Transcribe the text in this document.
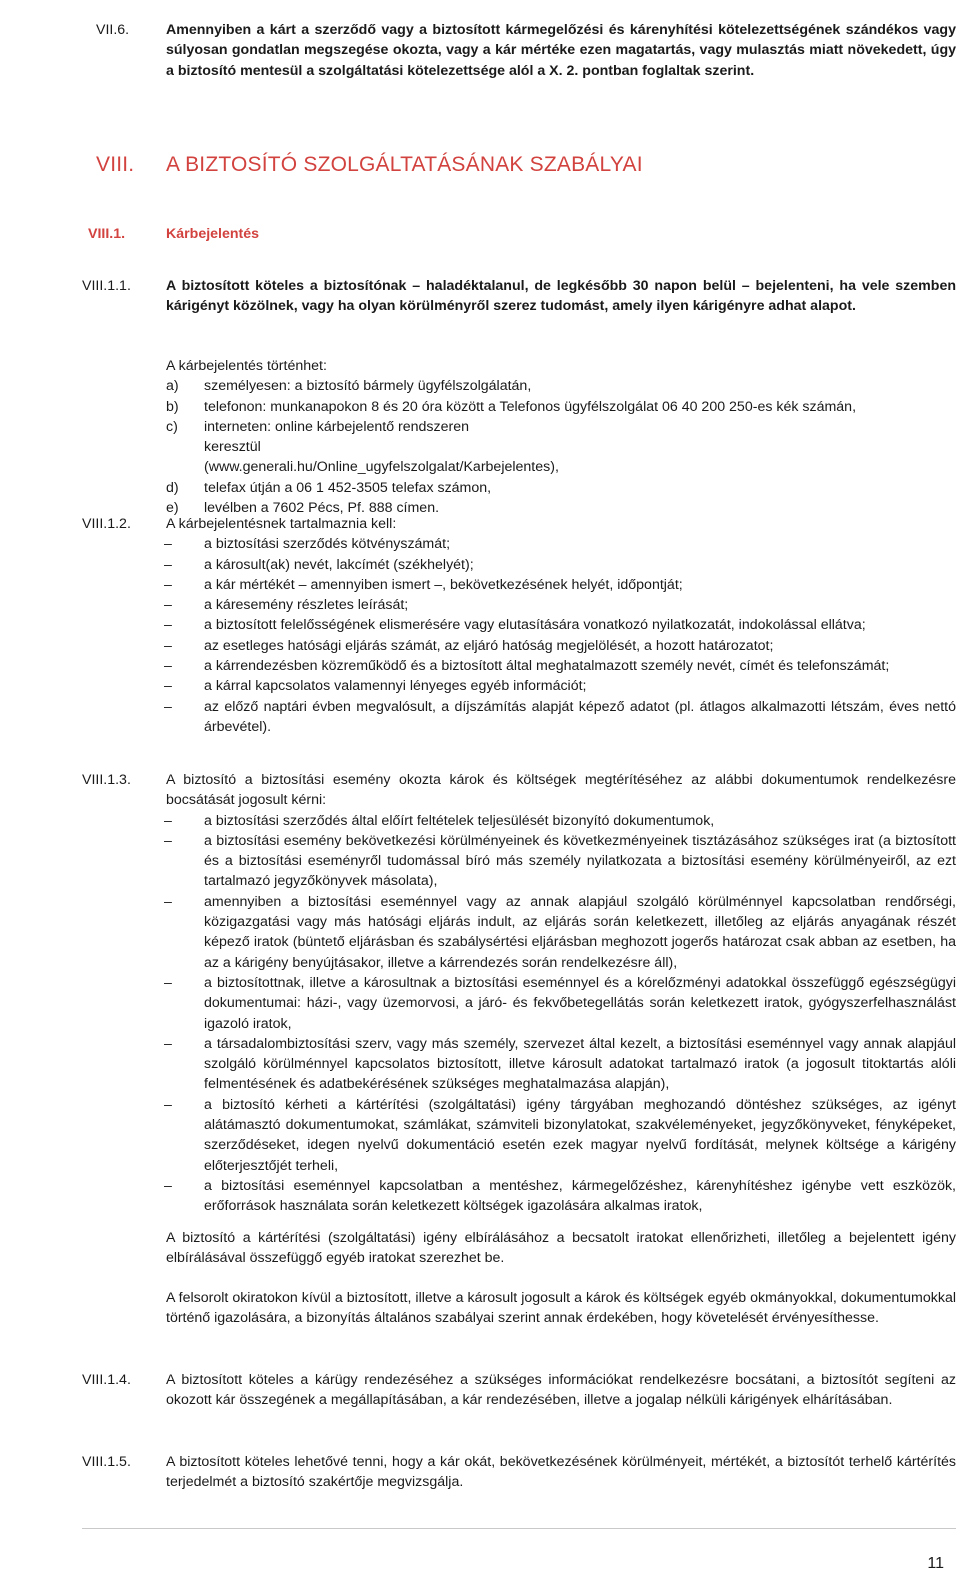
VII.6.	Amennyiben a kárt a szerződő vagy a biztosított kármegelőzési és kárenyhítési kötelezettségének szándékos vagy súlyosan gondatlan megszegése okozta, vagy a kár mértéke ezen magatartás, vagy mulasztás miatt növekedett, úgy a biztosító mentesül a szolgáltatási kötelezettsége alól a X. 2. pontban foglaltak szerint.
VIII.	A BIZTOSÍTÓ SZOLGÁLTATÁSÁNAK SZABÁLYAI
VIII.1.	Kárbejelentés
VIII.1.1.	A biztosított köteles a biztosítónak – haladéktalanul, de legkésőbb 30 napon belül – bejelenteni, ha vele szemben kárigényt közölnek, vagy ha olyan körülményről szerez tudomást, amely ilyen kárigényre adhat alapot.
A kárbejelentés történhet:
a)	személyesen: a biztosító bármely ügyfélszolgálatán,
b)	telefonon: munkanapokon 8 és 20 óra között a Telefonos ügyfélszolgálat 06 40 200 250-es kék számán,
c)	interneten: online kárbejelentő rendszeren keresztül (www.generali.hu/Online_ugyfelszolgalat/Karbejelentes),
d)	telefax útján a 06 1 452-3505 telefax számon,
e)	levélben a 7602 Pécs, Pf. 888 címen.
VIII.1.2.	A kárbejelentésnek tartalmaznia kell:
–	a biztosítási szerződés kötvényszámát;
–	a károsult(ak) nevét, lakcímét (székhelyét);
–	a kár mértékét – amennyiben ismert –, bekövetkezésének helyét, időpontját;
–	a káresemény részletes leírását;
–	a biztosított felelősségének elismerésére vagy elutasítására vonatkozó nyilatkozatát, indokolással ellátva;
–	az esetleges hatósági eljárás számát, az eljáró hatóság megjelölését, a hozott határozatot;
–	a kárrendezésben közreműködő és a biztosított által meghatalmazott személy nevét, címét és telefonszámát;
–	a kárral kapcsolatos valamennyi lényeges egyéb információt;
–	az előző naptári évben megvalósult, a díjszámítás alapját képező adatot (pl. átlagos alkalmazotti létszám, éves nettó árbevétel).
VIII.1.3.	A biztosító a biztosítási esemény okozta károk és költségek megtérítéséhez az alábbi dokumentumok rendelkezésre bocsátását jogosult kérni:
–	a biztosítási szerződés által előírt feltételek teljesülését bizonyító dokumentumok,
–	a biztosítási esemény bekövetkezési körülményeinek és következményeinek tisztázásához szükséges irat (a biztosított és a biztosítási eseményről tudomással bíró más személy nyilatkozata a biztosítási esemény körülményeiről, az ezt tartalmazó jegyzőkönyvek másolata),
–	amennyiben a biztosítási eseménnyel vagy az annak alapjául szolgáló körülménnyel kapcsolatban rendőrségi, közigazgatási vagy más hatósági eljárás indult, az eljárás során keletkezett, illetőleg az eljárás anyagának részét képező iratok (büntető eljárásban és szabálysértési eljárásban meghozott jogerős határozat csak abban az esetben, ha az a kárigény benyújtásakor, illetve a kárrendezés során rendelkezésre áll),
–	a biztosítottnak, illetve a károsultnak a biztosítási eseménnyel és a kórelőzményi adatokkal összefüggő egészségügyi dokumentumai: házi-, vagy üzemorvosi, a járó- és fekvőbetegellátás során keletkezett iratok, gyógyszerfelhasználást igazoló iratok,
–	a társadalombiztosítási szerv, vagy más személy, szervezet által kezelt, a biztosítási eseménnyel vagy annak alapjául szolgáló körülménnyel kapcsolatos biztosított, illetve károsult adatokat tartalmazó iratok (a jogosult titoktartás alóli felmentésének és adatbekérésének szükséges meghatalmazása alapján),
–	a biztosító kérheti a kártérítési (szolgáltatási) igény tárgyában meghozandó döntéshez szükséges, az igényt alátámasztó dokumentumokat, számlákat, számviteli bizonylatokat, szakvéleményeket, jegyzőkönyveket, fényképeket, szerződéseket, idegen nyelvű dokumentáció esetén ezek magyar nyelvű fordítását, melynek költsége a kárigény előterjesztőjét terheli,
–	a biztosítási eseménnyel kapcsolatban a mentéshez, kármegelőzéshez, kárenyhítéshez igénybe vett eszközök, erőforrások használata során keletkezett költségek igazolására alkalmas iratok,
A biztosító a kártérítési (szolgáltatási) igény elbírálásához a becsatolt iratokat ellenőrizheti, illetőleg a bejelentett igény elbírálásával összefüggő egyéb iratokat szerezhet be.
A felsorolt okiratokon kívül a biztosított, illetve a károsult jogosult a károk és költségek egyéb okmányokkal, dokumentumokkal történő igazolására, a bizonyítás általános szabályai szerint annak érdekében, hogy követelését érvényesíthesse.
VIII.1.4.	A biztosított köteles a kárügy rendezéséhez a szükséges információkat rendelkezésre bocsátani, a biztosítót segíteni az okozott kár összegének a megállapításában, a kár rendezésében, illetve a jogalap nélküli kárigények elhárításában.
VIII.1.5.	A biztosított köteles lehetővé tenni, hogy a kár okát, bekövetkezésének körülményeit, mértékét, a biztosítót terhelő kártérítés terjedelmét a biztosító szakértője megvizsgálja.
11
